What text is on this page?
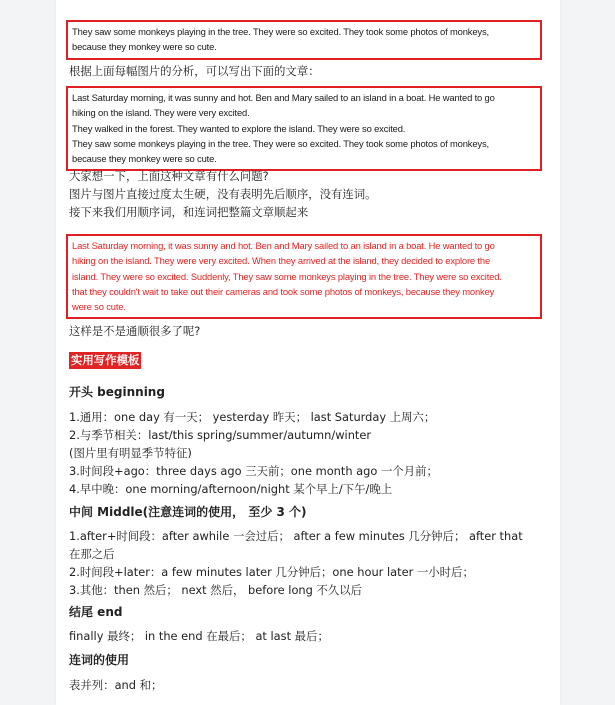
They saw some monkeys playing in the tree. They were so excited. They took some photos of monkeys,
because they monkey were so cute.
根据上面每幅图片的分析，可以写出下面的文章：
Last Saturday morning, it was sunny and hot. Ben and Mary sailed to an island in a boat. He wanted to go
hiking on the island. They were very excited.
They walked in the forest. They wanted to explore the island. They were so excited.
They saw some monkeys playing in the tree. They were so excited. They took some photos of monkeys,
because they monkey were so cute.
大家想一下，上面这种文章有什么问题?
图片与图片直接过度太生硬，没有表明先后顺序，没有连词。
接下来我们用顺序词，和连词把整篇文章顺起来
Last Saturday morning, it was sunny and hot. Ben and Mary sailed to an island in a boat. He wanted to go
hiking on the island. They were very excited. When they arrived at the island, they decided to explore the
island. They were so excited. Suddenly, They saw some monkeys playing in the tree. They were so excited.
that they couldn't wait to take out their cameras and took some photos of monkeys, because they monkey
were so cute.
这样是不是通顺很多了呢?
实用写作模板
开头 beginning
1.通用：one day 有一天； yesterday 昨天； last Saturday 上周六；
2.与季节相关：last/this spring/summer/autumn/winter
(图片里有明显季节特征)
3.时间段+ago：three days ago 三天前；one month ago 一个月前；
4.早中晚：one morning/afternoon/night 某个早上/下午/晚上
中间 Middle(注意连词的使用， 至少 3 个)
1.after+时间段：after awhile 一会过后； after a few minutes 几分钟后； after that
在那之后
2.时间段+later：a few minutes later 几分钟后；one hour later 一小时后；
3.其他：then 然后； next 然后， before long 不久以后
结尾 end
finally 最终； in the end 在最后； at last 最后；
连词的使用
表并列：and 和；
